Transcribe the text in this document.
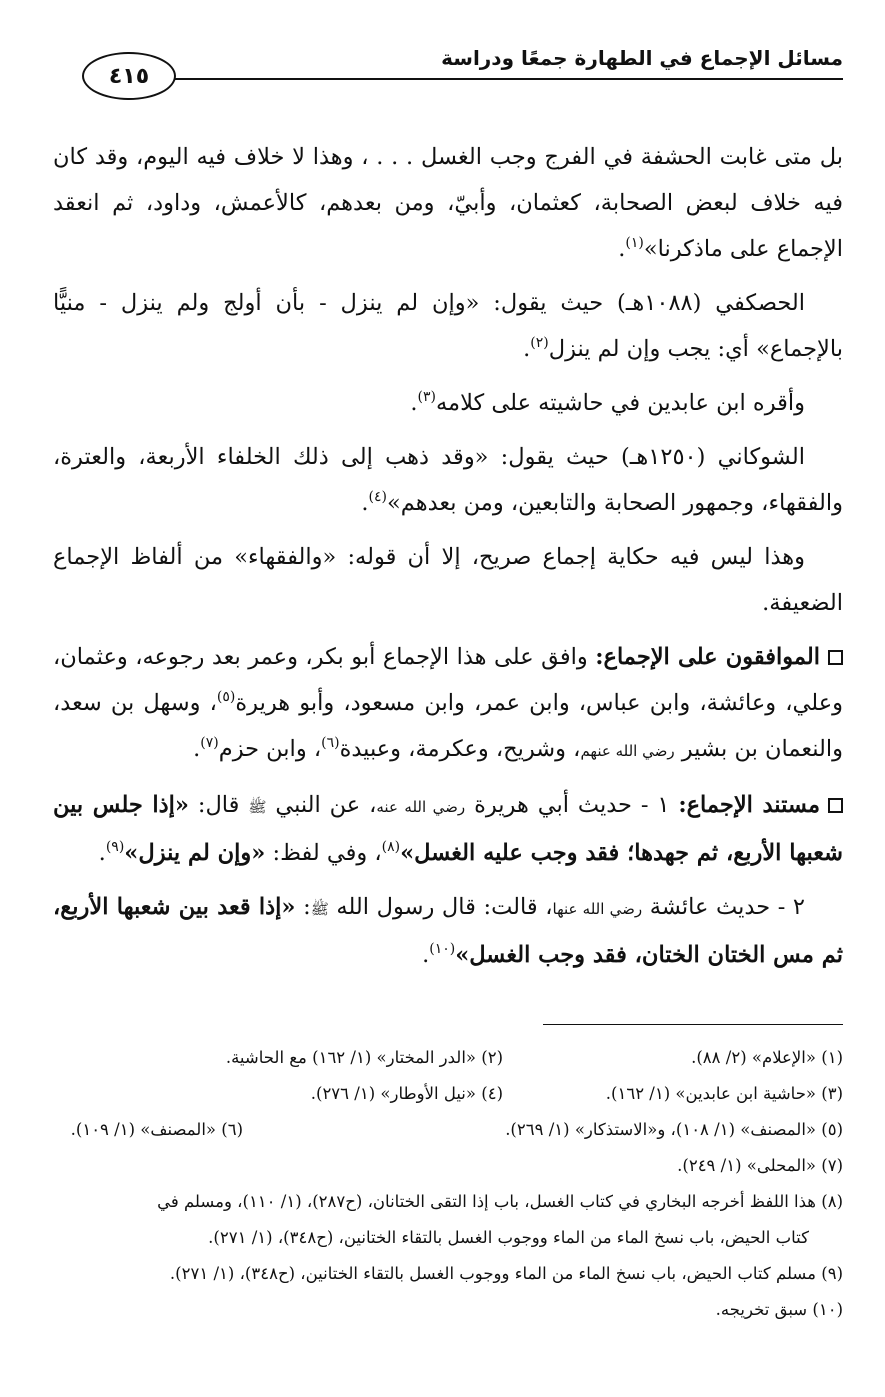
مسائل الإجماع في الطهارة جمعًا ودراسة
٤١٥

بل متى غابت الحشفة في الفرج وجب الغسل . . . ، وهذا لا خلاف فيه اليوم، وقد كان فيه خلاف لبعض الصحابة، كعثمان، وأبيّ، ومن بعدهم، كالأعمش، وداود، ثم انعقد الإجماع على ماذكرنا»$^{(١)}$.

الحصكفي (١٠٨٨هـ) حيث يقول: «وإن لم ينزل - بأن أولج ولم ينزل - منيًّا بالإجماع» أي: يجب وإن لم ينزل$^{(٢)}$.

وأقره ابن عابدين في حاشيته على كلامه$^{(٣)}$.

الشوكاني (١٢٥٠هـ) حيث يقول: «وقد ذهب إلى ذلك الخلفاء الأربعة، والعترة، والفقهاء، وجمهور الصحابة والتابعين، ومن بعدهم»$^{(٤)}$.

وهذا ليس فيه حكاية إجماع صريح، إلا أن قوله: «والفقهاء» من ألفاظ الإجماع الضعيفة.

الموافقون على الإجماع: وافق على هذا الإجماع أبو بكر، وعمر بعد رجوعه، وعثمان، وعلي، وعائشة، وابن عباس، وابن عمر، وابن مسعود، وأبو هريرة$^{(٥)}$، وسهل بن سعد، والنعمان بن بشير رضي الله عنهم، وشريح، وعكرمة، وعبيدة$^{(٦)}$، وابن حزم$^{(٧)}$.

مستند الإجماع: ١ - حديث أبي هريرة رضي الله عنه، عن النبي ﷺ قال: «إذا جلس بين شعبها الأربع، ثم جهدها؛ فقد وجب عليه الغسل»$^{(٨)}$، وفي لفظ: «وإن لم ينزل»$^{(٩)}$.

٢ - حديث عائشة رضي الله عنها، قالت: قال رسول الله ﷺ: «إذا قعد بين شعبها الأربع، ثم مس الختان الختان، فقد وجب الغسل»$^{(١٠)}$.

(١) «الإعلام» (٢/ ٨٨).
(٢) «الدر المختار» (١/ ١٦٢) مع الحاشية.
(٣) «حاشية ابن عابدين» (١/ ١٦٢).
(٤) «نيل الأوطار» (١/ ٢٧٦).
(٥) «المصنف» (١/ ١٠٨)، و«الاستذكار» (١/ ٢٦٩).
(٦) «المصنف» (١/ ١٠٩).
(٧) «المحلى» (١/ ٢٤٩).
(٨) هذا اللفظ أخرجه البخاري في كتاب الغسل، باب إذا التقى الختانان، (ح٢٨٧)، (١/ ١١٠)، ومسلم في
كتاب الحيض، باب نسخ الماء من الماء ووجوب الغسل بالتقاء الختانين، (ح٣٤٨)، (١/ ٢٧١).
(٩) مسلم كتاب الحيض، باب نسخ الماء من الماء ووجوب الغسل بالتقاء الختانين، (ح٣٤٨)، (١/ ٢٧١).
(١٠) سبق تخريجه.
